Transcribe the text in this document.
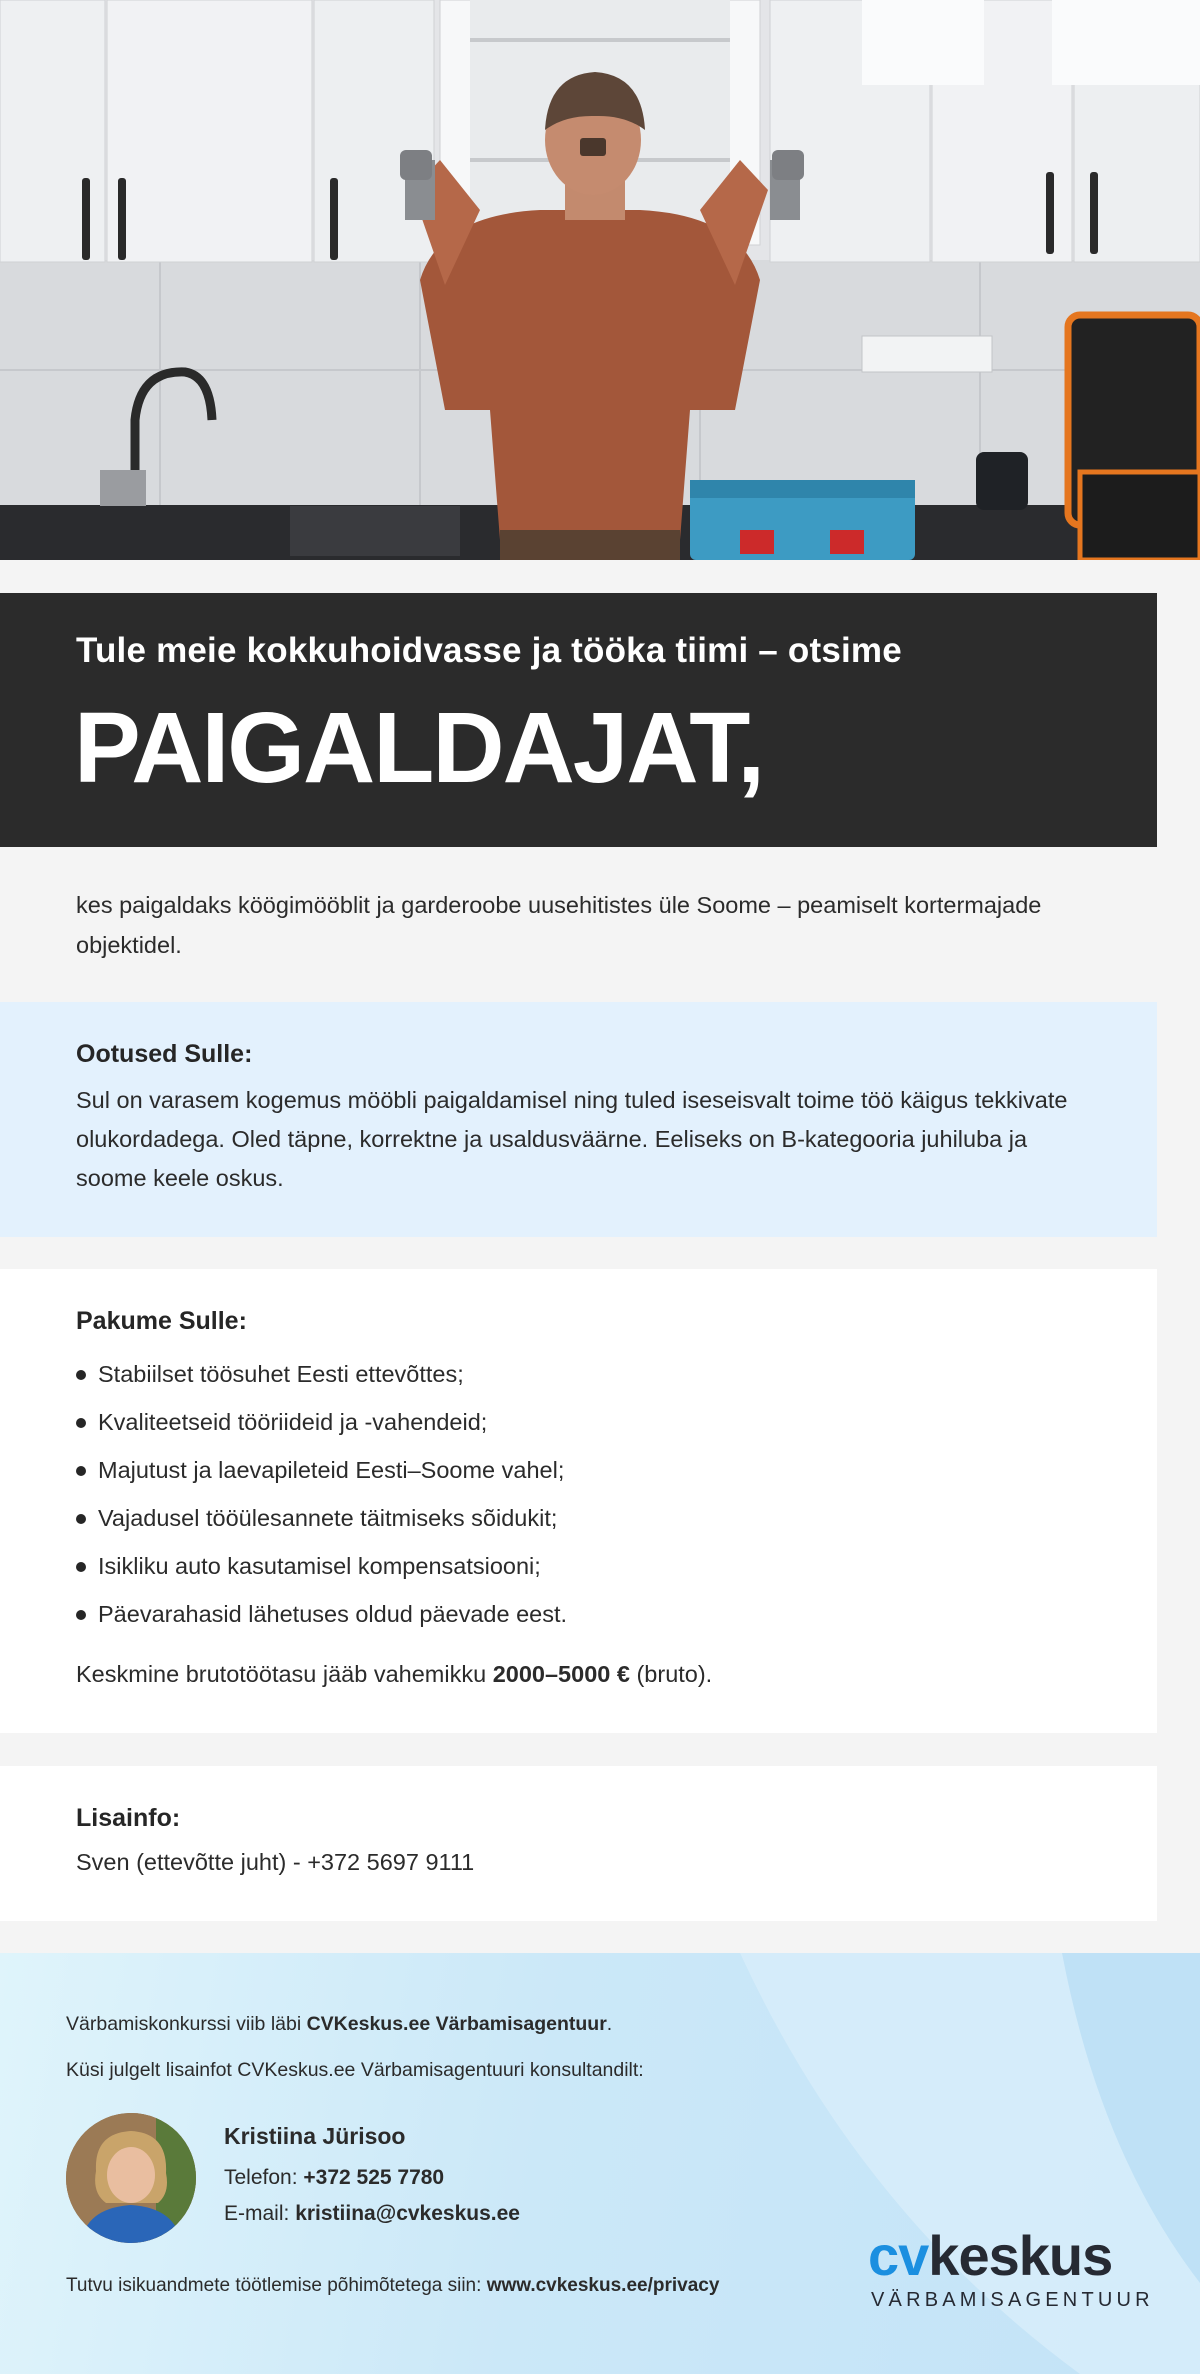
Tule meie kokkuhoidvasse ja tööka tiimi – otsime
PAIGALDAJAT,
kes paigaldaks köögimööblit ja garderoobe uusehitistes üle Soome – peamiselt kortermajade objektidel.
Ootused Sulle:

Sul on varasem kogemus mööbli paigaldamisel ning tuled iseseisvalt toime töö käigus tekkivate olukordadega. Oled täpne, korrektne ja usaldusväärne. Eeliseks on B-kategooria juhiluba ja soome keele oskus.

Pakume Sulle:
Stabiilset töösuhet Eesti ettevõttes;
Kvaliteetseid tööriideid ja -vahendeid;
Majutust ja laevapileteid Eesti–Soome vahel;
Vajadusel tööülesannete täitmiseks sõidukit;
Isikliku auto kasutamisel kompensatsiooni;
Päevarahasid lähetuses oldud päevade eest.

Keskmine brutotöötasu jääb vahemikku 2000–5000 € (bruto).

Lisainfo:

Sven (ettevõtte juht) - +372 5697 9111

Värbamiskonkurssi viib läbi CVKeskus.ee Värbamisagentuur.
Küsi julgelt lisainfot CVKeskus.ee Värbamisagentuuri konsultandilt:
Kristiina Jürisoo
Telefon: +372 525 7780
E-mail: kristiina@cvkeskus.ee
Tutvu isikuandmete töötlemise põhimõtetega siin: www.cvkeskus.ee/privacy	cvkeskus
VÄRBAMISAGENTUUR
